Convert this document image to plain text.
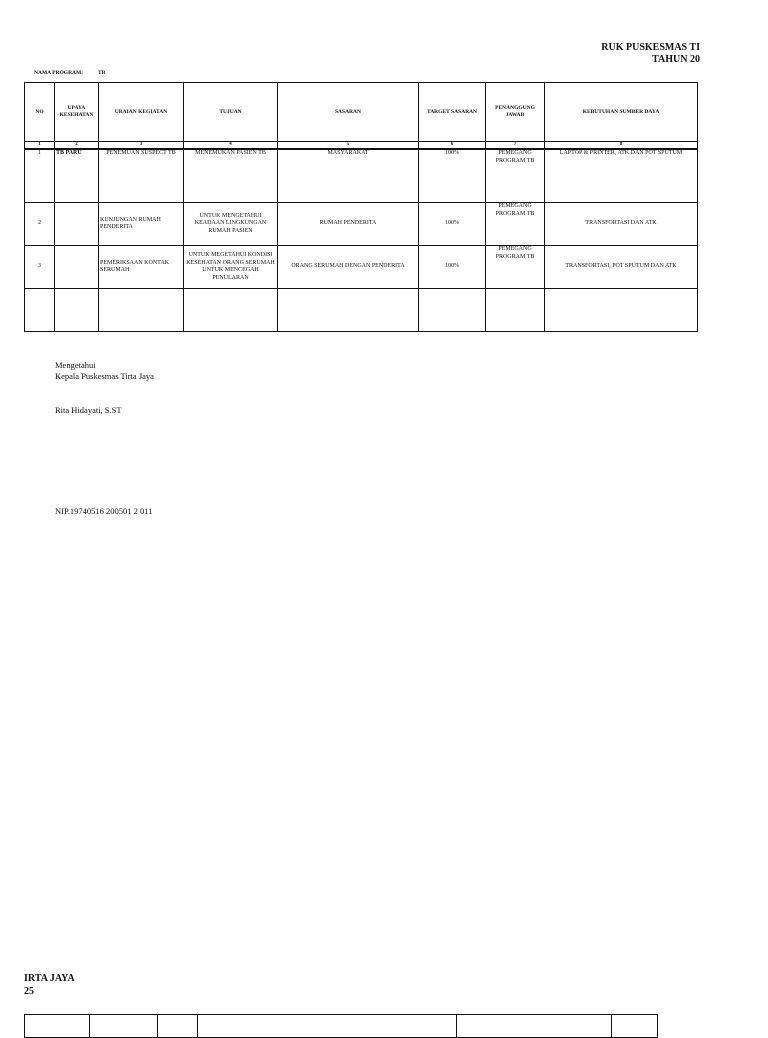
RUK PUSKESMAS TI
TAHUN 20
NAMA PROGRAM:	TB
NO	UPAYA KESEHATAN	URAIAN KEGIATAN	TUJUAN	SASARAN	TARGET SASARAN	PENANGGUNG JAWAB	KEBUTUHAN SUMBER DAYA
1	2	3	4	5	6	7	8
1	TB PARU	PENEMUAN SUSPECT TB	MENEMUKAN PASIEN TB	MASYARAKAT	100%	PEMEGANG PROGRAM TB	LAPTOP & PRINTER, ATK DAN POT SPUTUM
2		KUNJUNGAN RUMAH PENDERITA	UNTUK MENGETAHUI KEADAAN LINGKUNGAN RUMAH PASIEN	RUMAH PENDERITA	100%	PEMEGANG PROGRAM TB	TRANSFORTASI DAN ATK
3		PEMERIKSAAN KONTAK SERUMAH	UNTUK MEGETAHUI KONDISI KESEHATAN ORANG SERUMAH UNTUK MENCEGAH PENULARAN	ORANG SERUMAH DENGAN PENDERITA	100%	PEMEGANG PROGRAM TB	TRANSFORTASI, POT SPUTUM DAN ATK

Mengetahui
Kepala Puskesmas Tirta Jaya
Rita Hidayati, S.ST
NIP.19740516 200501 2 011
IRTA JAYA
25
